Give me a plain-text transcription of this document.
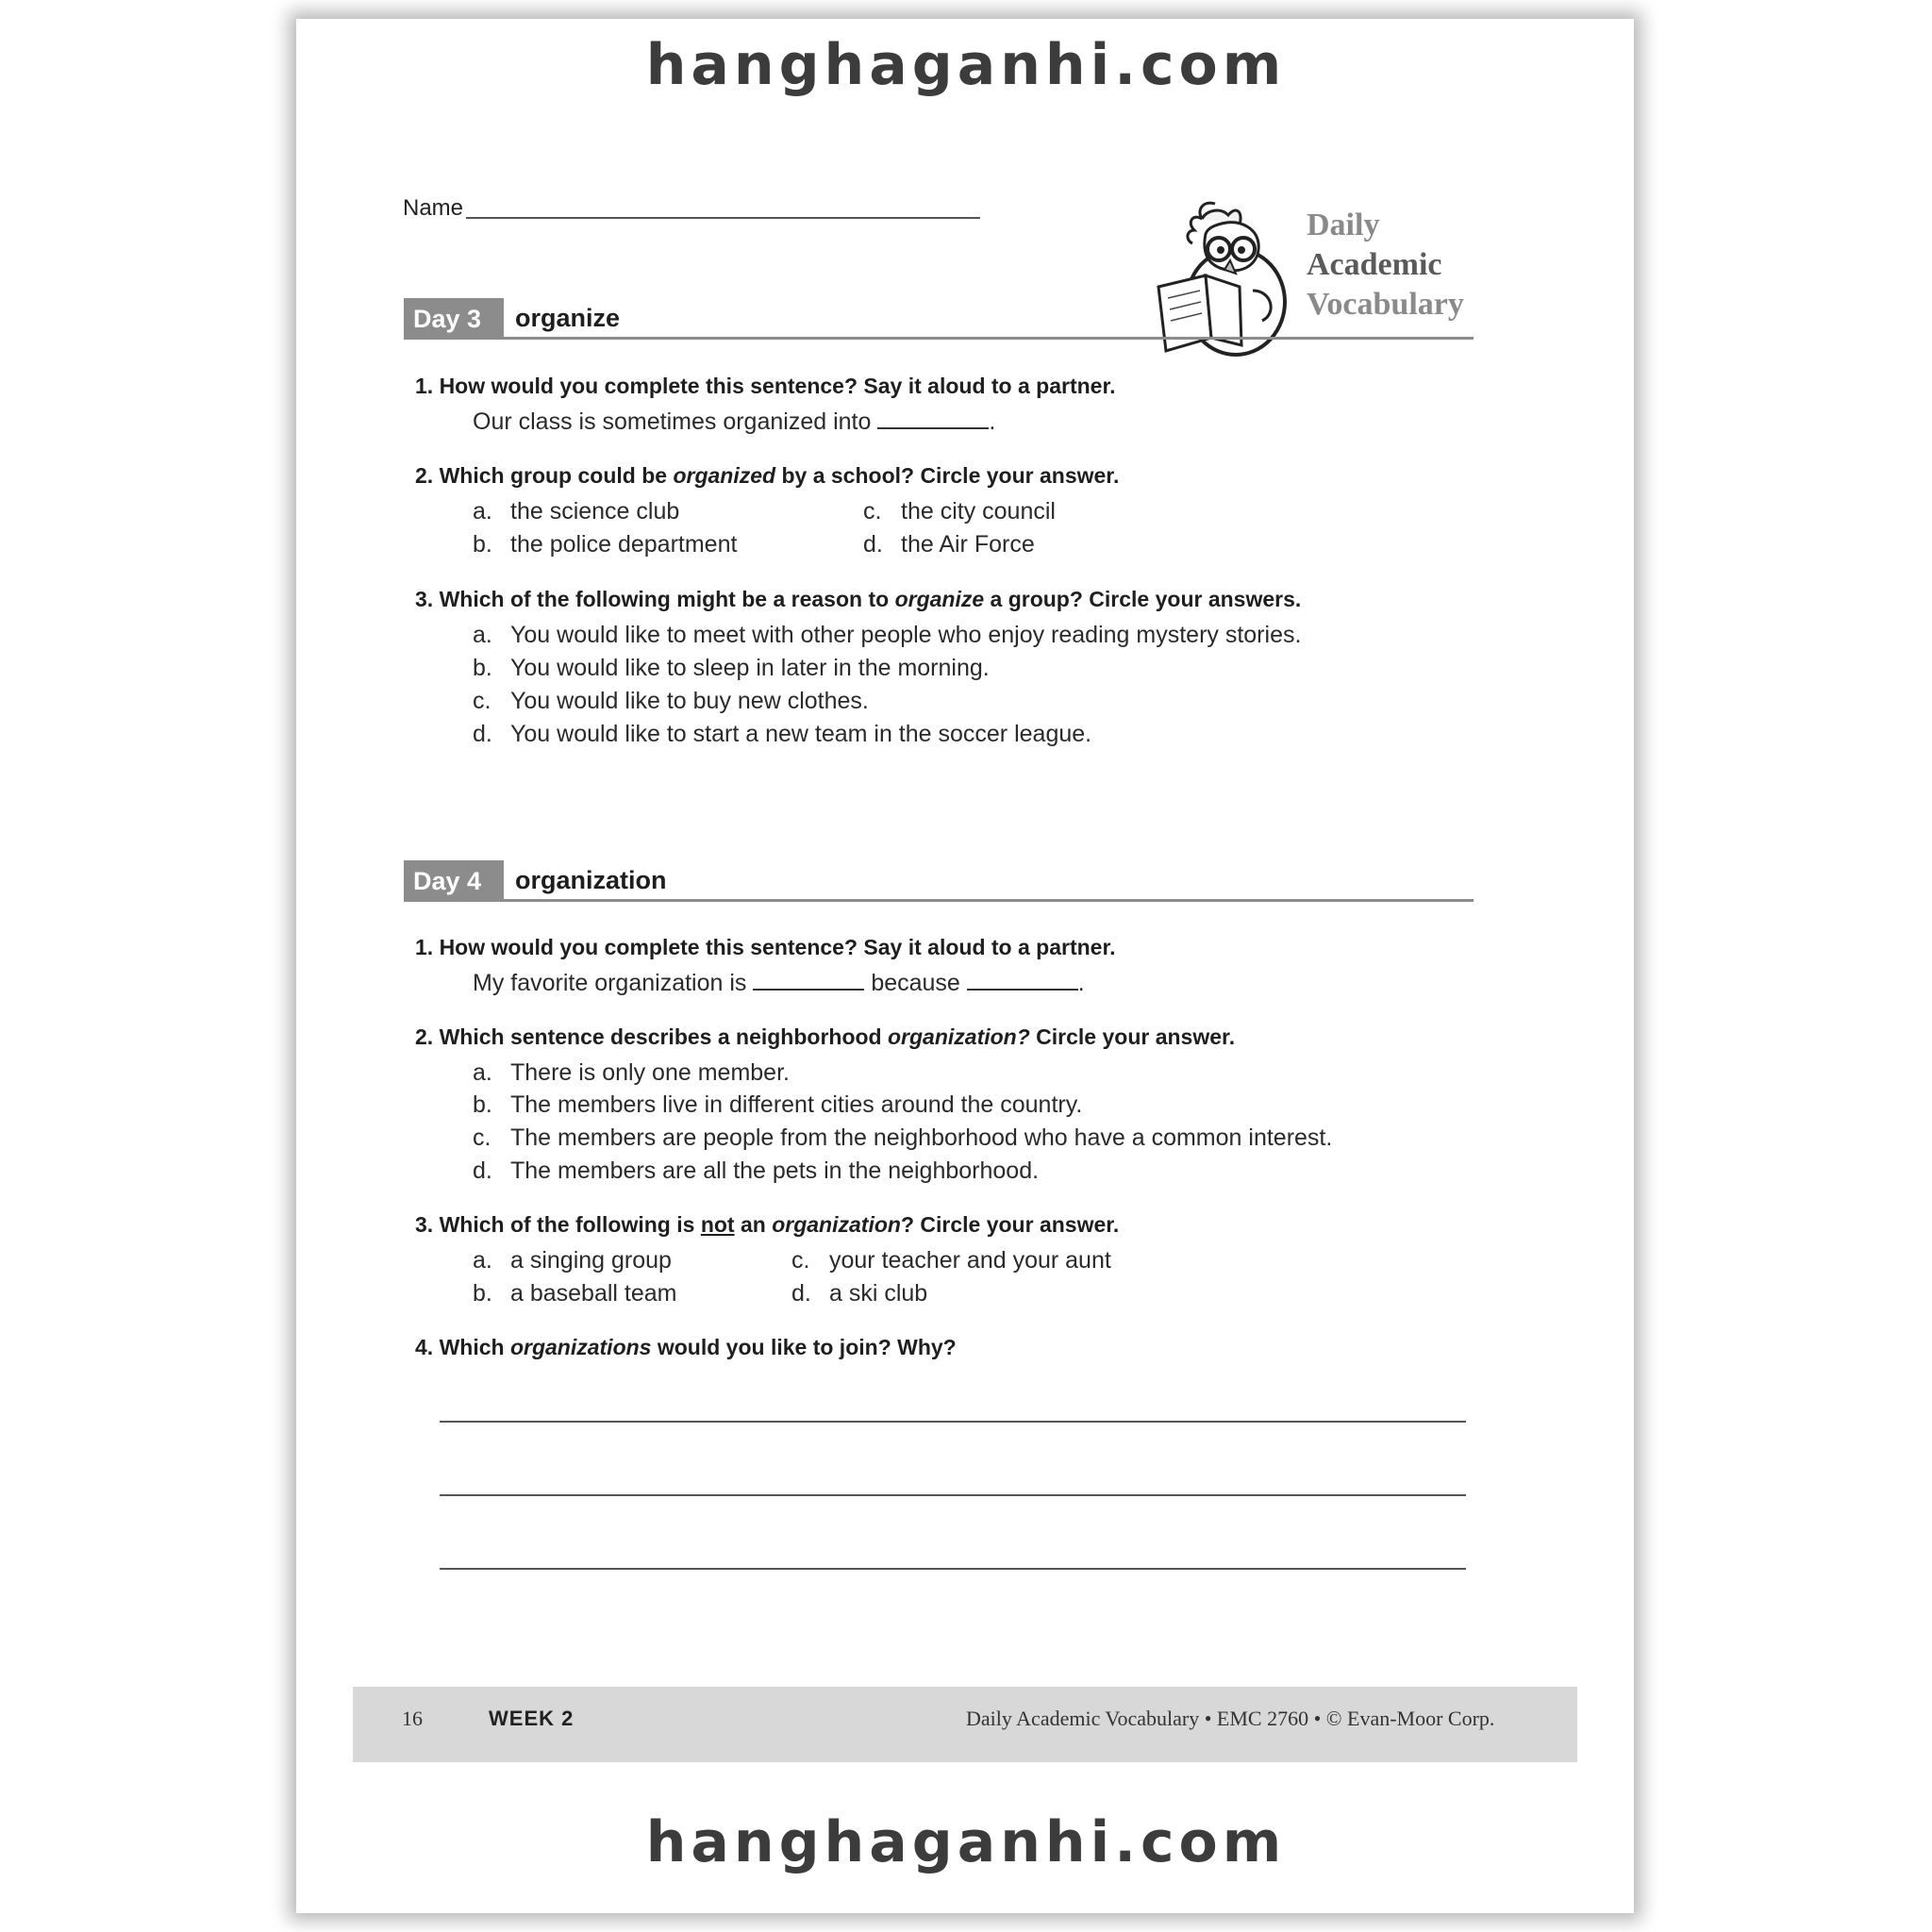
hanghaganhi.com
Name	Daily
Academic
Vocabulary
Day 3	organize
1. How would you complete this sentence? Say it aloud to a partner.
Our class is sometimes organized into	.
2. Which group could be organized by a school? Circle your answer.
a. the science club
b. the police department
c. the city council
d. the Air Force
3. Which of the following might be a reason to organize a group? Circle your answers.
a. You would like to meet with other people who enjoy reading mystery stories.
b. You would like to sleep in later in the morning.
c. You would like to buy new clothes.
d. You would like to start a new team in the soccer league.
Day 4	organization
1. How would you complete this sentence? Say it aloud to a partner.
My favorite organization is	because	.
2. Which sentence describes a neighborhood organization? Circle your answer.
a. There is only one member.
b. The members live in different cities around the country.
c. The members are people from the neighborhood who have a common interest.
d. The members are all the pets in the neighborhood.
3. Which of the following is not an organization? Circle your answer.
a. a singing group
b. a baseball team
c. your teacher and your aunt
d. a ski club
4. Which organizations would you like to join? Why?
16	WEEK 2	Daily Academic Vocabulary • EMC 2760 • © Evan-Moor Corp.
hanghaganhi.com
